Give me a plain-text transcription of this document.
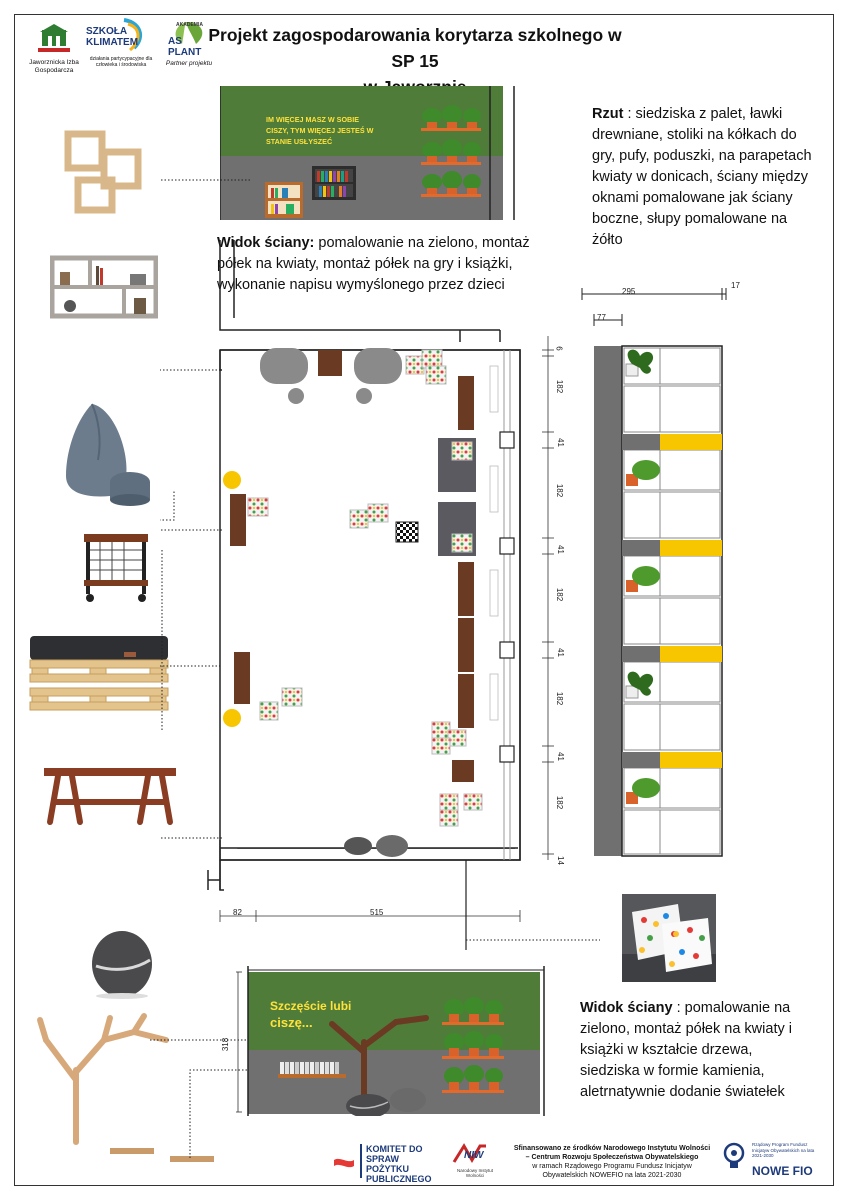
Jaworznicka Izba Gospodarcza
SZKOŁA KLIMATEM
działania partycypacyjne dla człowieka i środowiska
AKADEMIA
AS PLANT
Partner projektu
Projekt zagospodarowania korytarza szkolnego w SP 15
IM WIĘCEJ MASZ W SOBIE CISZY, TYM WIĘCEJ JESTEŚ W STANIE USŁYSZEĆ
Widok ściany: pomalowanie na zielono, montaż półek na kwiaty, montaż półek na gry i książki, wykonanie napisu wymyślonego przez dzieci
Rzut : siedziska z palet, ławki drewniane, stoliki na kółkach do gry, pufy, poduszki, na parapetach kwiaty w donicach, ściany między oknami pomalowane jak ściany boczne, słupy pomalowane na żółto
6
182
41
182
41
182
41
182
41
182
14
82	515
295
17
77
Szczęście lubi
ciszę...
318
Widok ściany : pomalowanie na zielono, montaż półek na kwiaty i książki w kształcie drzewa, siedziska w formie kamienia, aletrnatywnie dodanie światełek
KOMITET DO SPRAW POŻYTKU PUBLICZNEGO
NIW
Narodowy Instytut Wolności
Sfinansowano ze środków Narodowego Instytutu Wolności – Centrum Rozwoju Społeczeństwa Obywatelskiego
w ramach Rządowego Programu Fundusz Inicjatyw Obywatelskich NOWEFIO na lata 2021-2030
Rządowy Program Fundusz Inicjatyw Obywatelskich na lata 2021-2030
NOWE FIO
